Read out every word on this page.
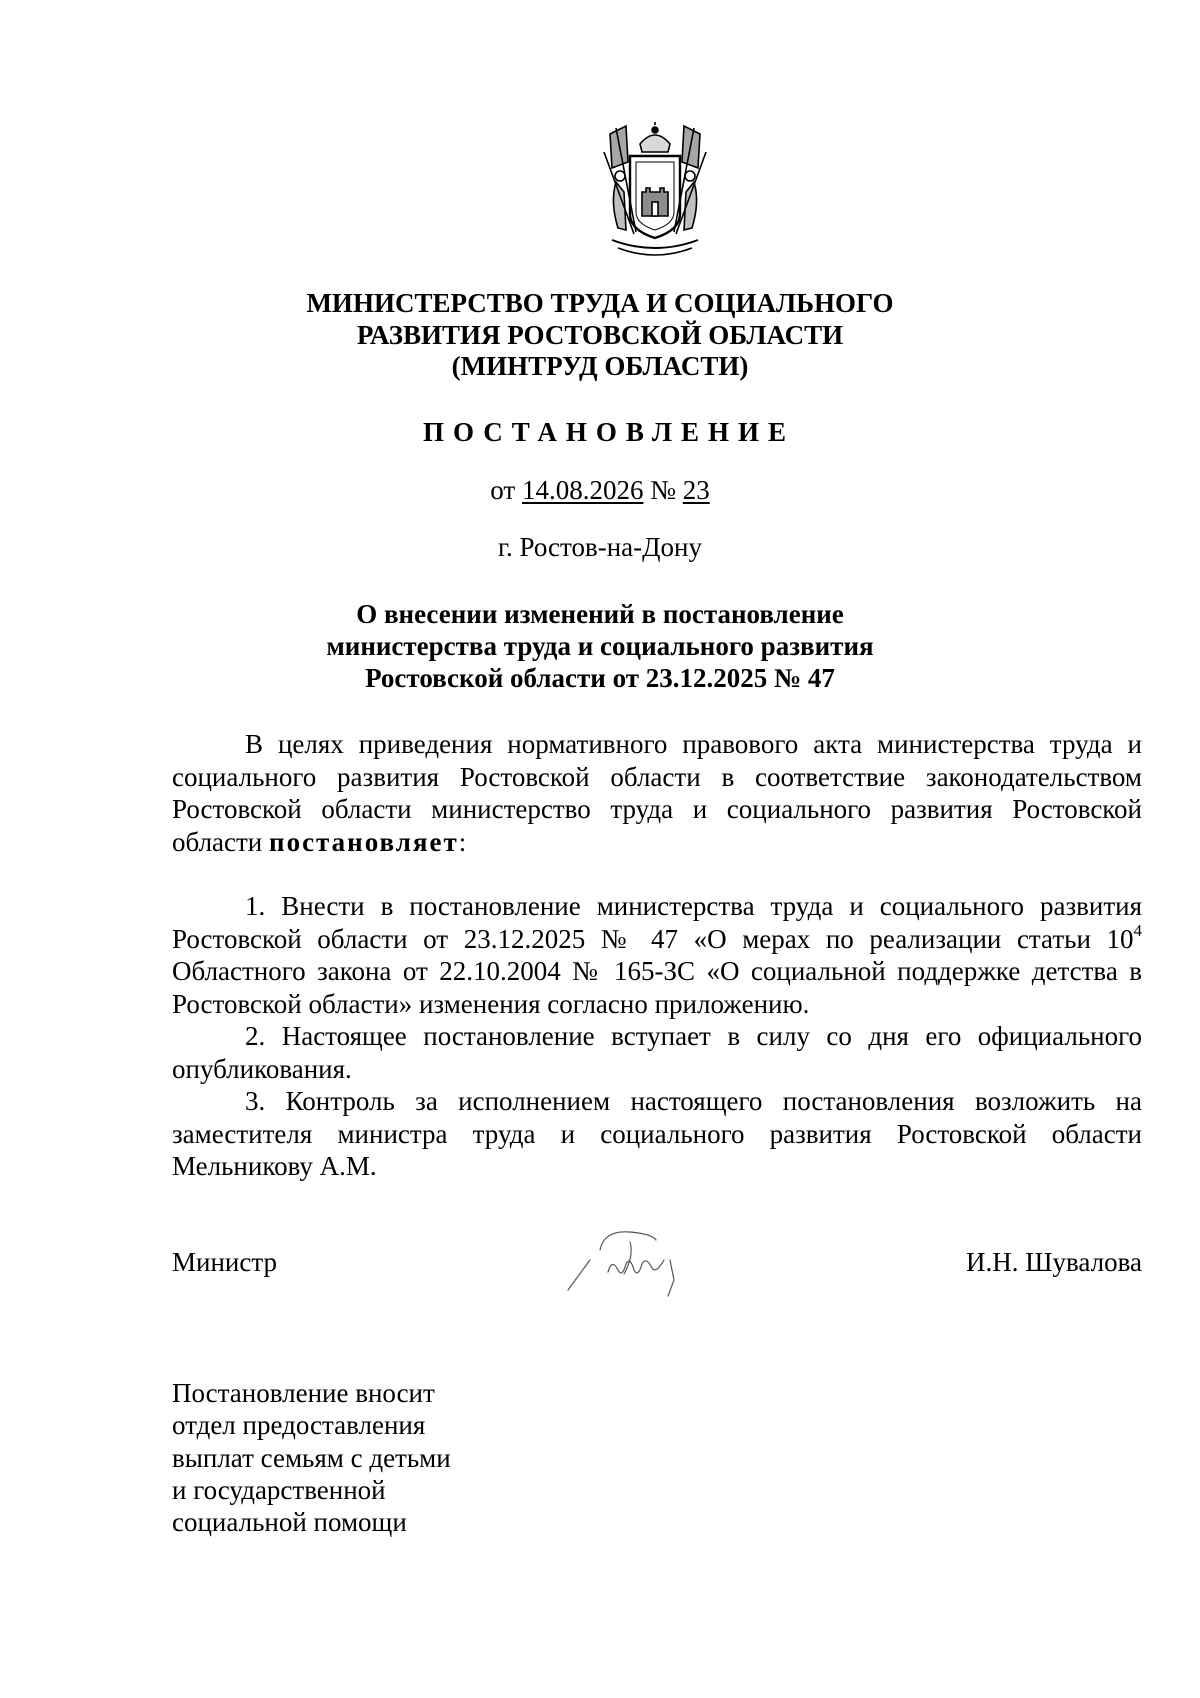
МИНИСТЕРСТВО ТРУДА И СОЦИАЛЬНОГО
РАЗВИТИЯ РОСТОВСКОЙ ОБЛАСТИ
(МИНТРУД ОБЛАСТИ)
ПОСТАНОВЛЕНИЕ
от 14.08.2026 № 23
г. Ростов-на-Дону
О внесении изменений в постановление
министерства труда и социального развития
Ростовской области от 23.12.2025 № 47

В целях приведения нормативного правового акта министерства труда и социального развития Ростовской области в соответствие законодательством Ростовской области министерство труда и социального развития Ростовской области постановляет:

1. Внести в постановление министерства труда и социального развития Ростовской области от 23.12.2025 № 47 «О мерах по реализации статьи $10^4$ Областного закона от 22.10.2004 № 165-ЗС «О социальной поддержке детства в Ростовской области» изменения согласно приложению.

2. Настоящее постановление вступает в силу со дня его официального опубликования.

3. Контроль за исполнением настоящего постановления возложить на заместителя министра труда и социального развития Ростовской области Мельникову А.М.

Министр	И.Н. Шувалова
Постановление вносит
отдел предоставления
выплат семьям с детьми
и государственной
социальной помощи
